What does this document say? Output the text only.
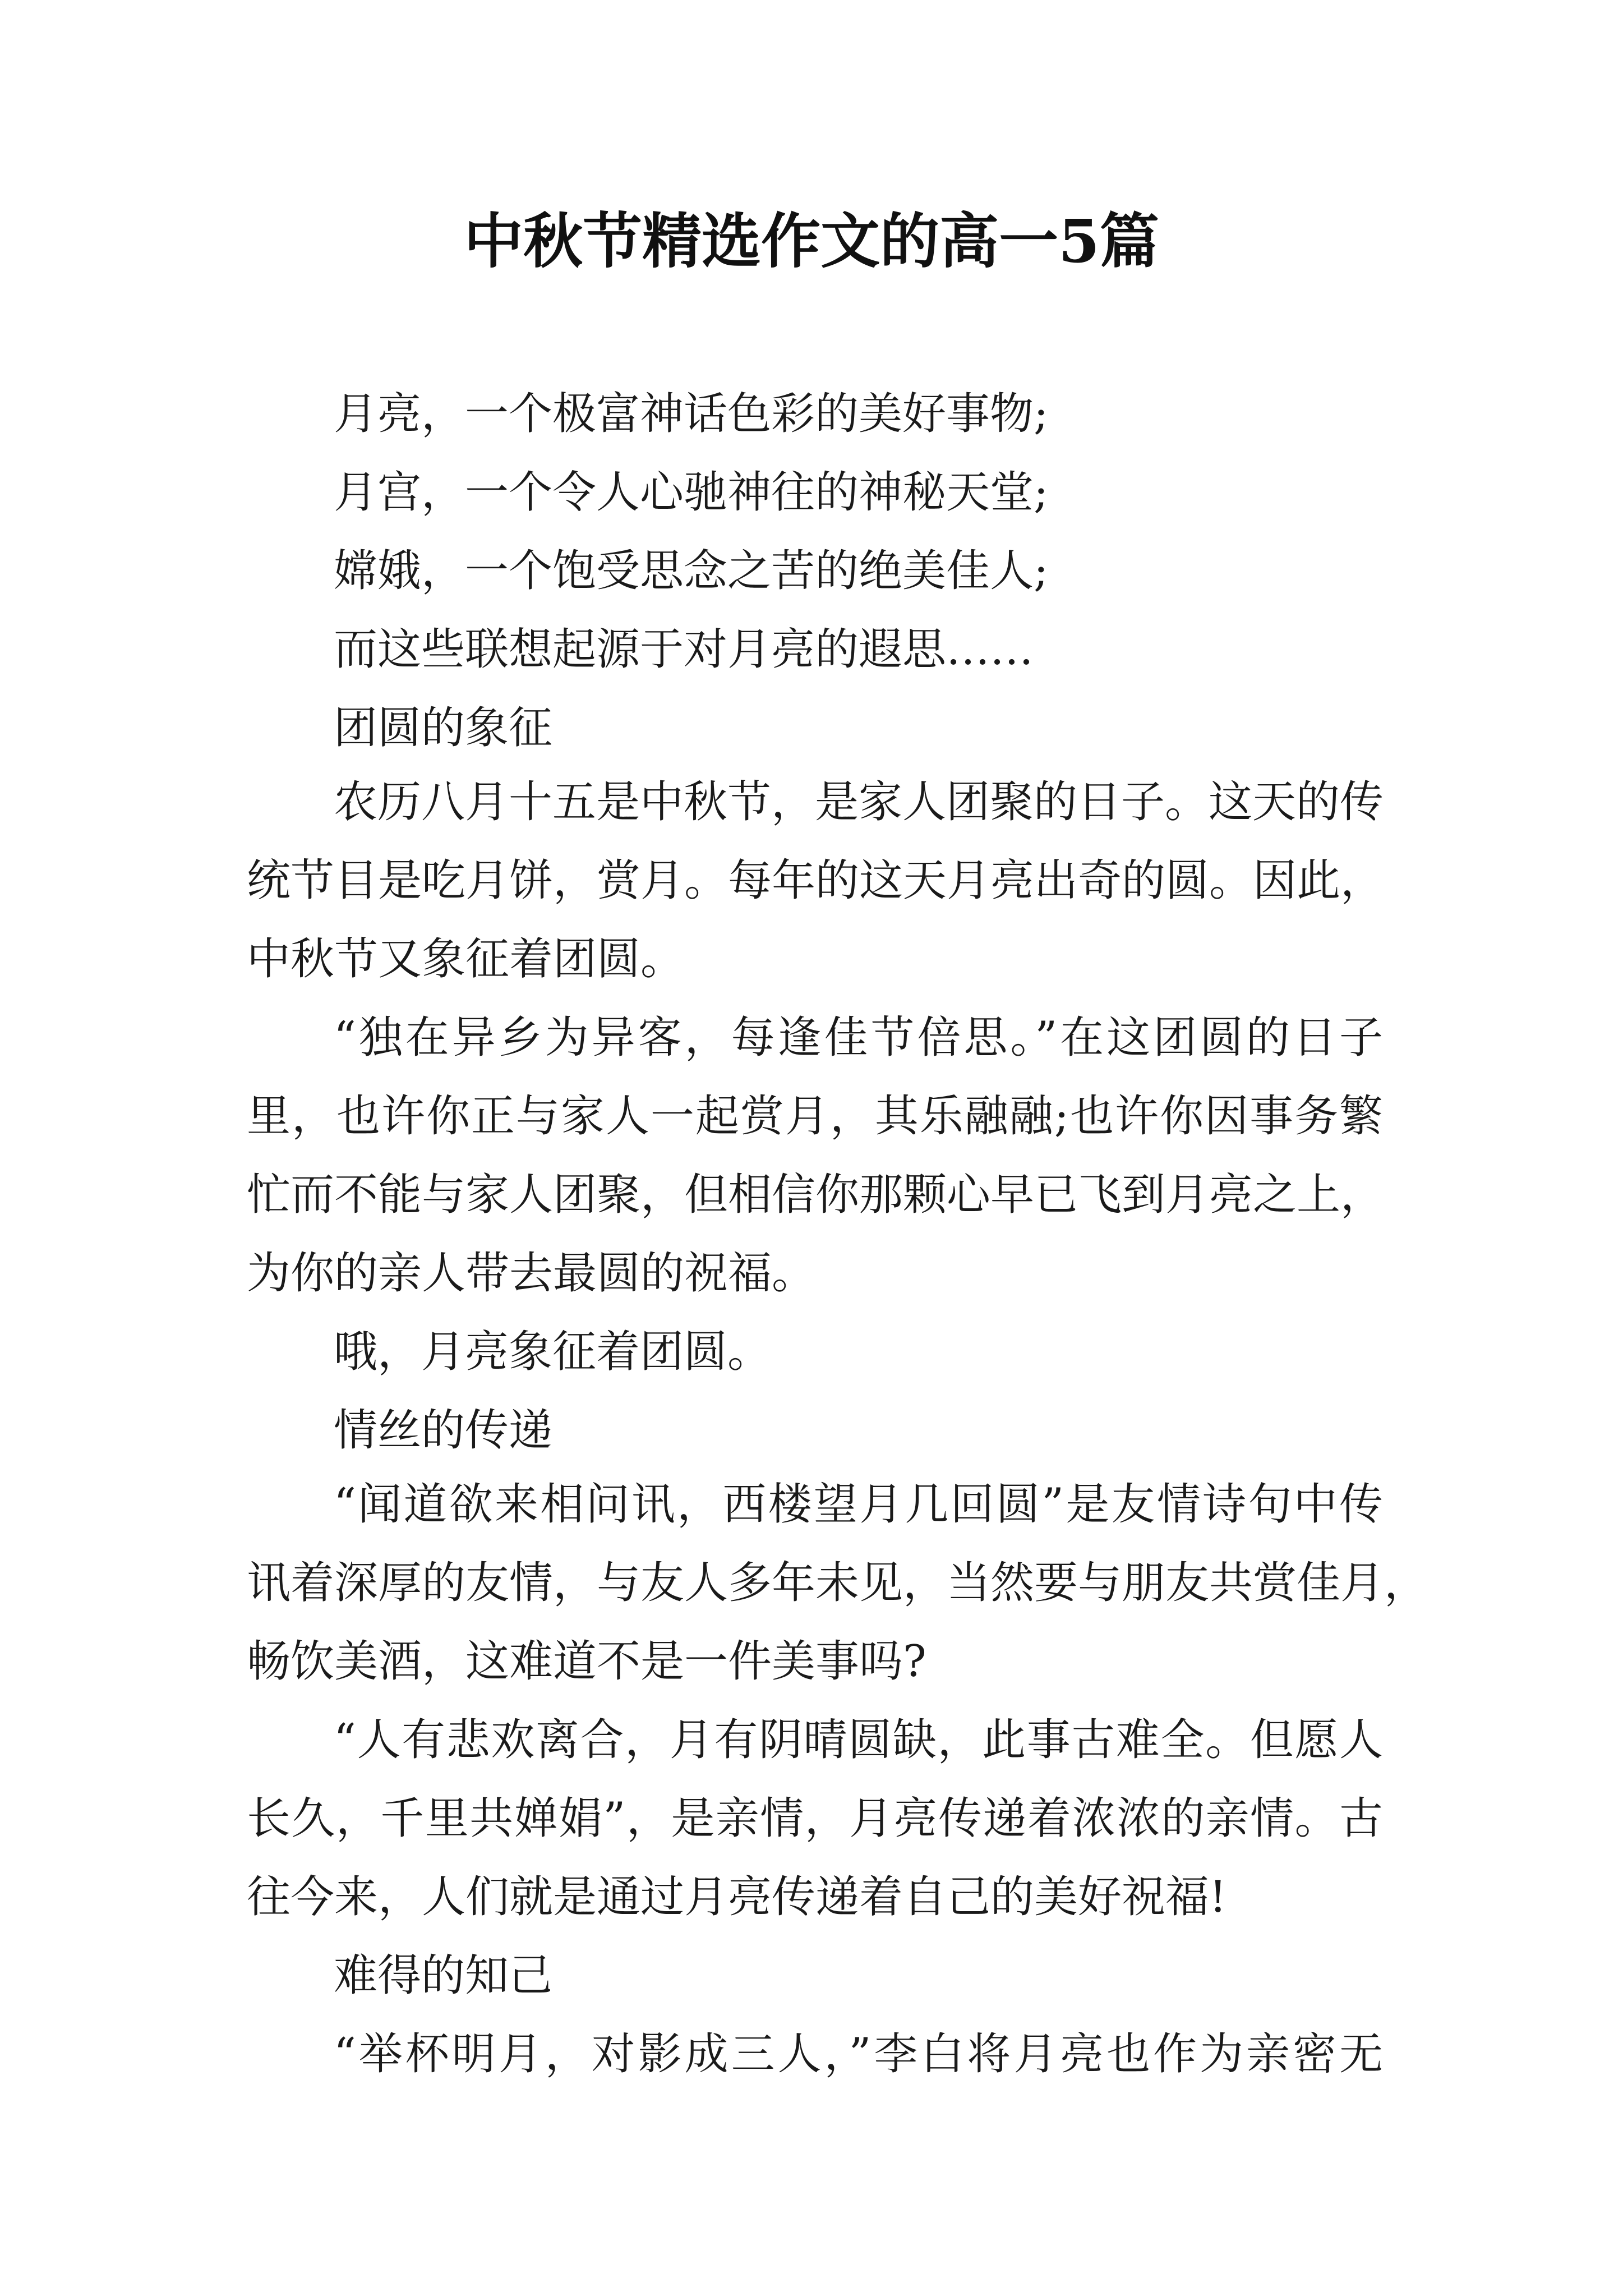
中秋节精选作文的高一5篇
月亮，一个极富神话色彩的美好事物;
月宫，一个令人心驰神往的神秘天堂;
嫦娥，一个饱受思念之苦的绝美佳人;
而这些联想起源于对月亮的遐思……
团圆的象征
农历八月十五是中秋节，是家人团聚的日子。这天的传
统节目是吃月饼，赏月。每年的这天月亮出奇的圆。因此，
中秋节又象征着团圆。
“独在异乡为异客，每逢佳节倍思。”在这团圆的日子
里，也许你正与家人一起赏月，其乐融融;也许你因事务繁
忙而不能与家人团聚，但相信你那颗心早已飞到月亮之上，
为你的亲人带去最圆的祝福。
哦，月亮象征着团圆。
情丝的传递
“闻道欲来相问讯，西楼望月几回圆”是友情诗句中传
讯着深厚的友情，与友人多年未见，当然要与朋友共赏佳月，
畅饮美酒，这难道不是一件美事吗?
“人有悲欢离合，月有阴晴圆缺，此事古难全。但愿人
长久，千里共婵娟”，是亲情，月亮传递着浓浓的亲情。古
往今来，人们就是通过月亮传递着自己的美好祝福!
难得的知己
“举杯明月，对影成三人，”李白将月亮也作为亲密无
